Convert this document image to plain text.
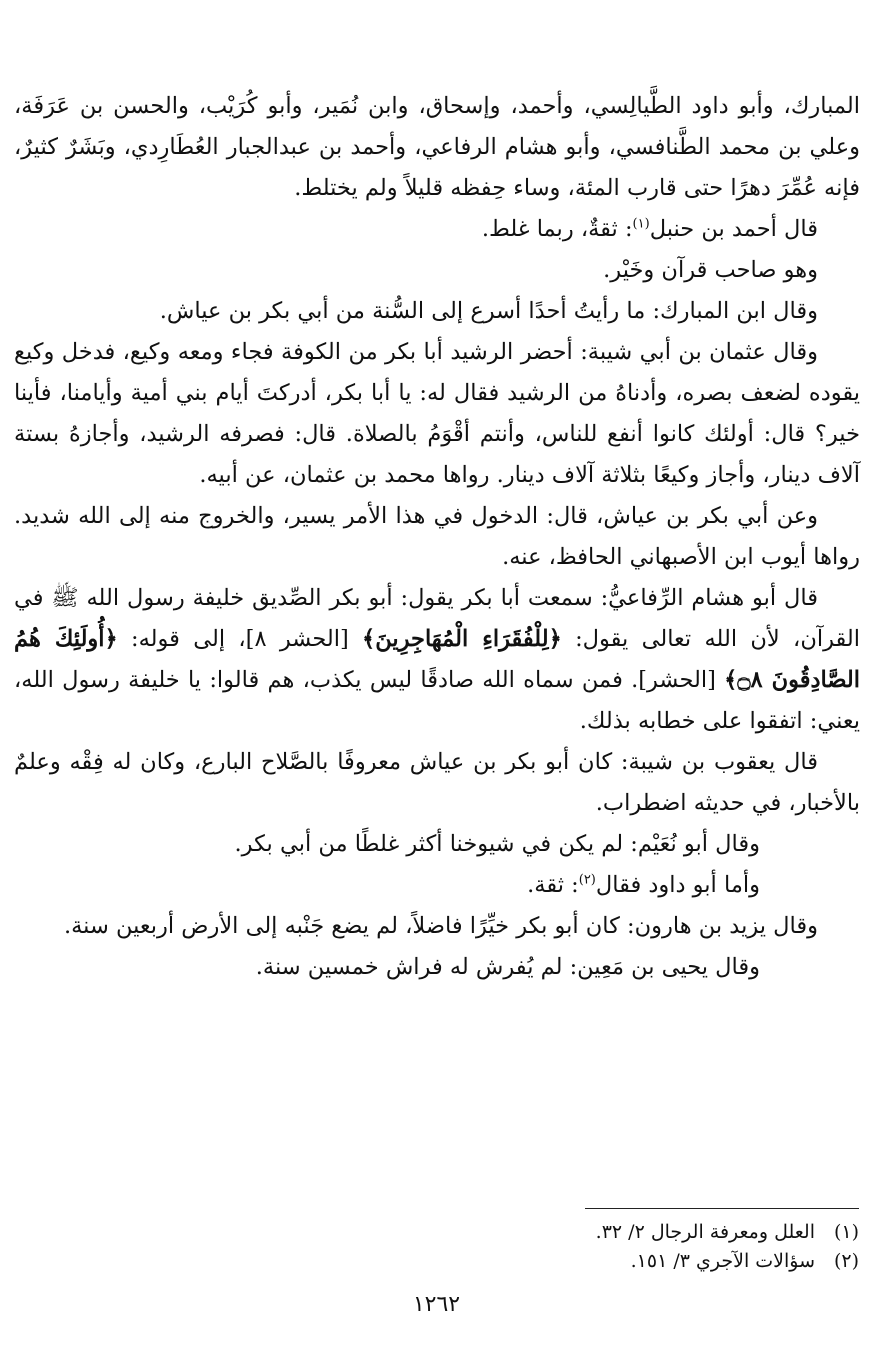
المبارك، وأبو داود الطَّيالِسي، وأحمد، وإسحاق، وابن نُمَير، وأبو كُرَيْب، والحسن بن عَرَفَة، وعلي بن محمد الطَّنافسي، وأبو هشام الرفاعي، وأحمد بن عبدالجبار العُطَارِدي، وبَشَرٌ كثيرٌ، فإنه عُمِّرَ دهرًا حتى قارب المئة، وساء حِفظه قليلاً ولم يختلط.

قال أحمد بن حنبل$^{(١)}$: ثقةٌ، ربما غلط.

وهو صاحب قرآن وخَيْر.

وقال ابن المبارك: ما رأيتُ أحدًا أسرع إلى السُّنة من أبي بكر بن عياش.

وقال عثمان بن أبي شيبة: أحضر الرشيد أبا بكر من الكوفة فجاء ومعه وكيع، فدخل وكيع يقوده لضعف بصره، وأدناهُ من الرشيد فقال له: يا أبا بكر، أدركتَ أيام بني أمية وأيامنا، فأينا خير؟ قال: أولئك كانوا أنفع للناس، وأنتم أقْوَمُ بالصلاة. قال: فصرفه الرشيد، وأجازهُ بستة آلاف دينار، وأجاز وكيعًا بثلاثة آلاف دينار. رواها محمد بن عثمان، عن أبيه.

وعن أبي بكر بن عياش، قال: الدخول في هذا الأمر يسير، والخروج منه إلى الله شديد. رواها أيوب ابن الأصبهاني الحافظ، عنه.

قال أبو هشام الرِّفاعيُّ: سمعت أبا بكر يقول: أبو بكر الصِّديق خليفة رسول الله ﷺ في القرآن، لأن الله تعالى يقول: ﴿لِلْفُقَرَاءِ الْمُهَاجِرِينَ﴾ [الحشر ٨]، إلى قوله: ﴿أُولَئِكَ هُمُ الصَّادِقُونَ ۝٨﴾ [الحشر]. فمن سماه الله صادقًا ليس يكذب، هم قالوا: يا خليفة رسول الله، يعني: اتفقوا على خطابه بذلك.

قال يعقوب بن شيبة: كان أبو بكر بن عياش معروفًا بالصَّلاح البارع، وكان له فِقْه وعلمٌ بالأخبار، في حديثه اضطراب.

وقال أبو نُعَيْم: لم يكن في شيوخنا أكثر غلطًا من أبي بكر.

وأما أبو داود فقال$^{(٢)}$: ثقة.

وقال يزيد بن هارون: كان أبو بكر خيِّرًا فاضلاً، لم يضع جَنْبه إلى الأرض أربعين سنة.

وقال يحيى بن مَعِين: لم يُفرش له فراش خمسين سنة.

(١)العلل ومعرفة الرجال ٢/ ٣٢.

(٢)سؤالات الآجري ٣/ ١٥١.

١٢٦٢
